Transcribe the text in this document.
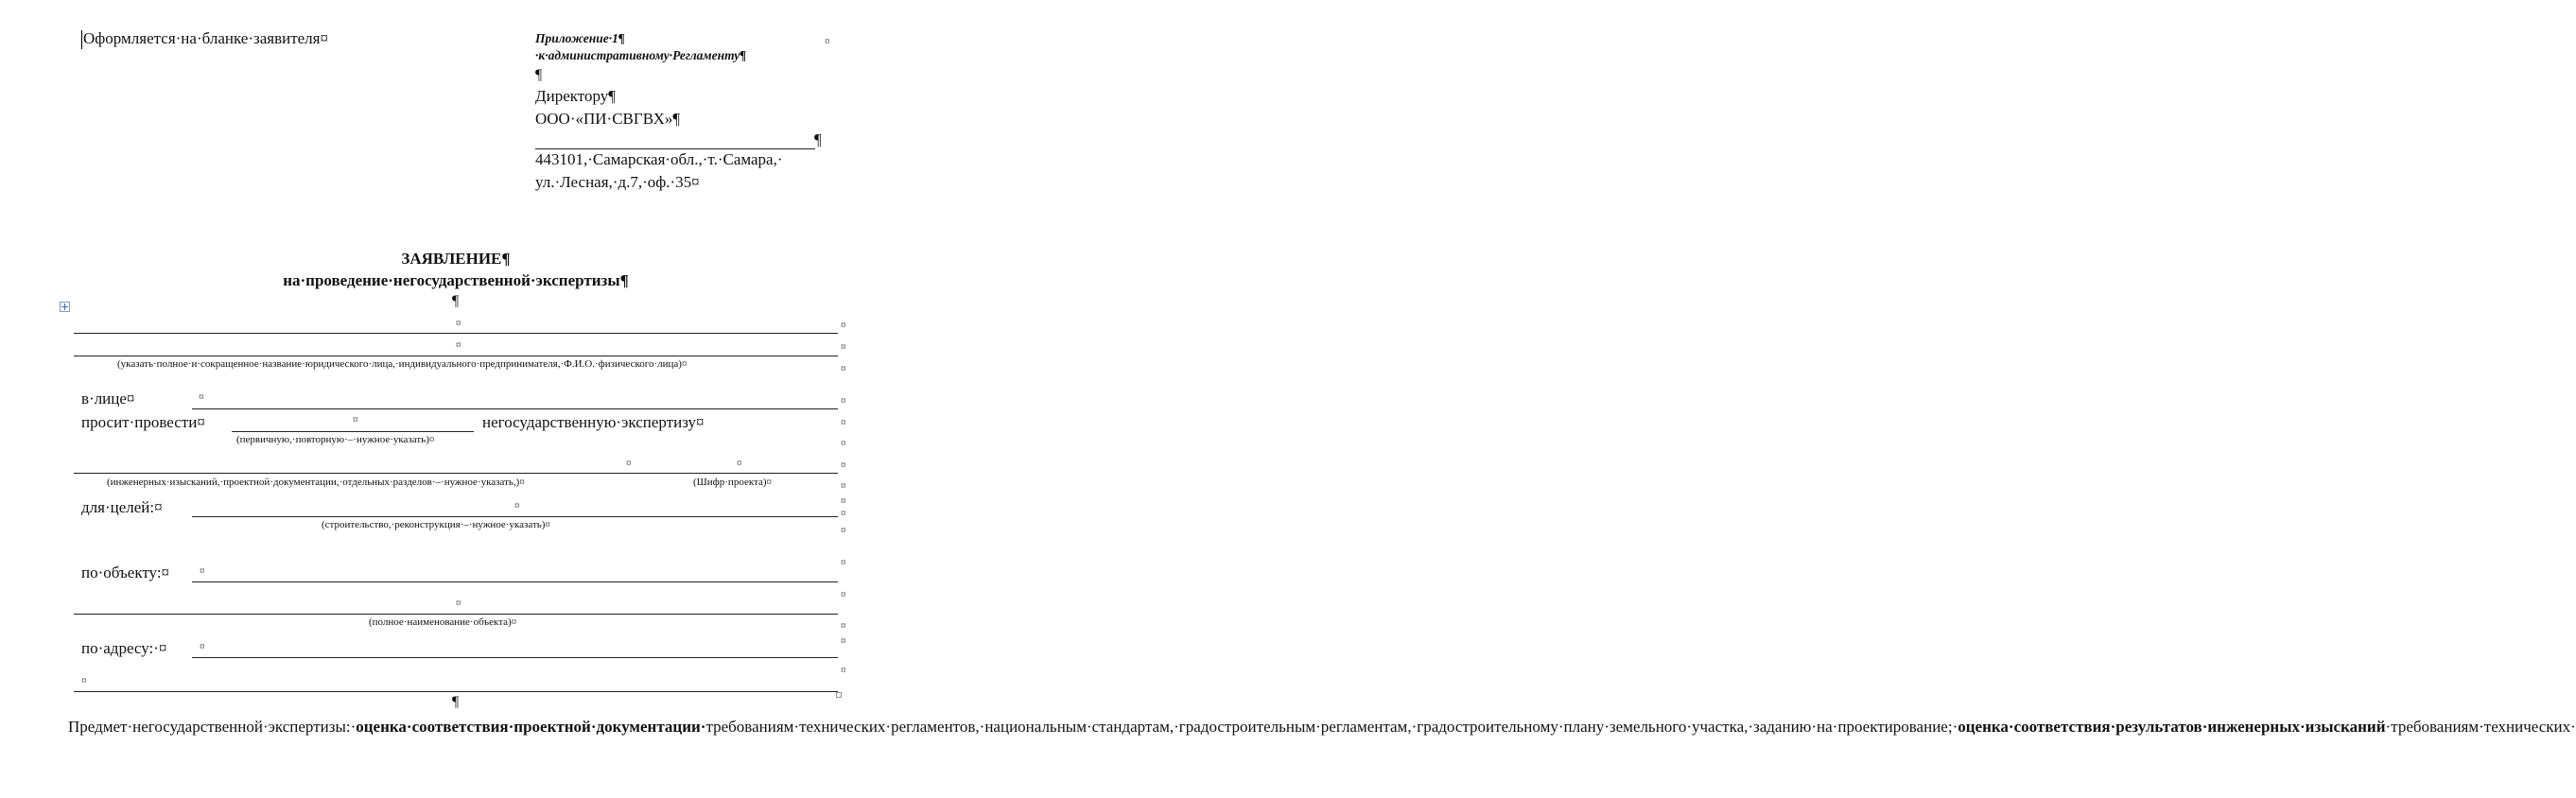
Оформляется·на·бланке·заявителя¤	Приложение·1¶
·к·административному·Регламенту¶
¶
Директору¶
ООО·«ПИ·СВГВХ»¶
¶
443101,·Самарская·обл.,·т.·Самара,·
ул.·Лесная,·д.7,·оф.·35¤
¤
ЗАЯВЛЕНИЕ¶
на·проведение·негосударственной·экспертизы¶
¶
¤
¤
(указать·полное·и·сокращенное·название·юридического·лица,·индивидуального·предпринимателя,·Ф.И.О.·физического·лица)¤
в·лице¤	¤
просит·провести¤	¤	негосударственную·экспертизу¤
(первичную,·повторную·–·нужное·указать)¤
¤	¤
(инженерных·изысканий,·проектной·документации,·отдельных·разделов·–·нужное·указать,)¤	(Шифр·проекта)¤
для·целей:¤	¤
(строительство,·реконструкция·–·нужное·указать)¤
по·объекту:¤	¤
¤
(полное·наименование·объекта)¤
по·адресу:·¤	¤
¤
¶
¤
¤
¤
¤
¤
¤
¤
¤
¤
¤
¤
¤
¤
¤
¤
¤
Предмет·негосударственной·экспертизы:·оценка·соответствия·проектной·документации·требованиям·технических·регламентов,·национальным·стандартам,·градостроительным·регламентам,·градостроительному·плану·земельного·участка,·заданию·на·проектирование;·оценка·соответствия·результатов·инженерных·изысканий·требованиям·технических·
